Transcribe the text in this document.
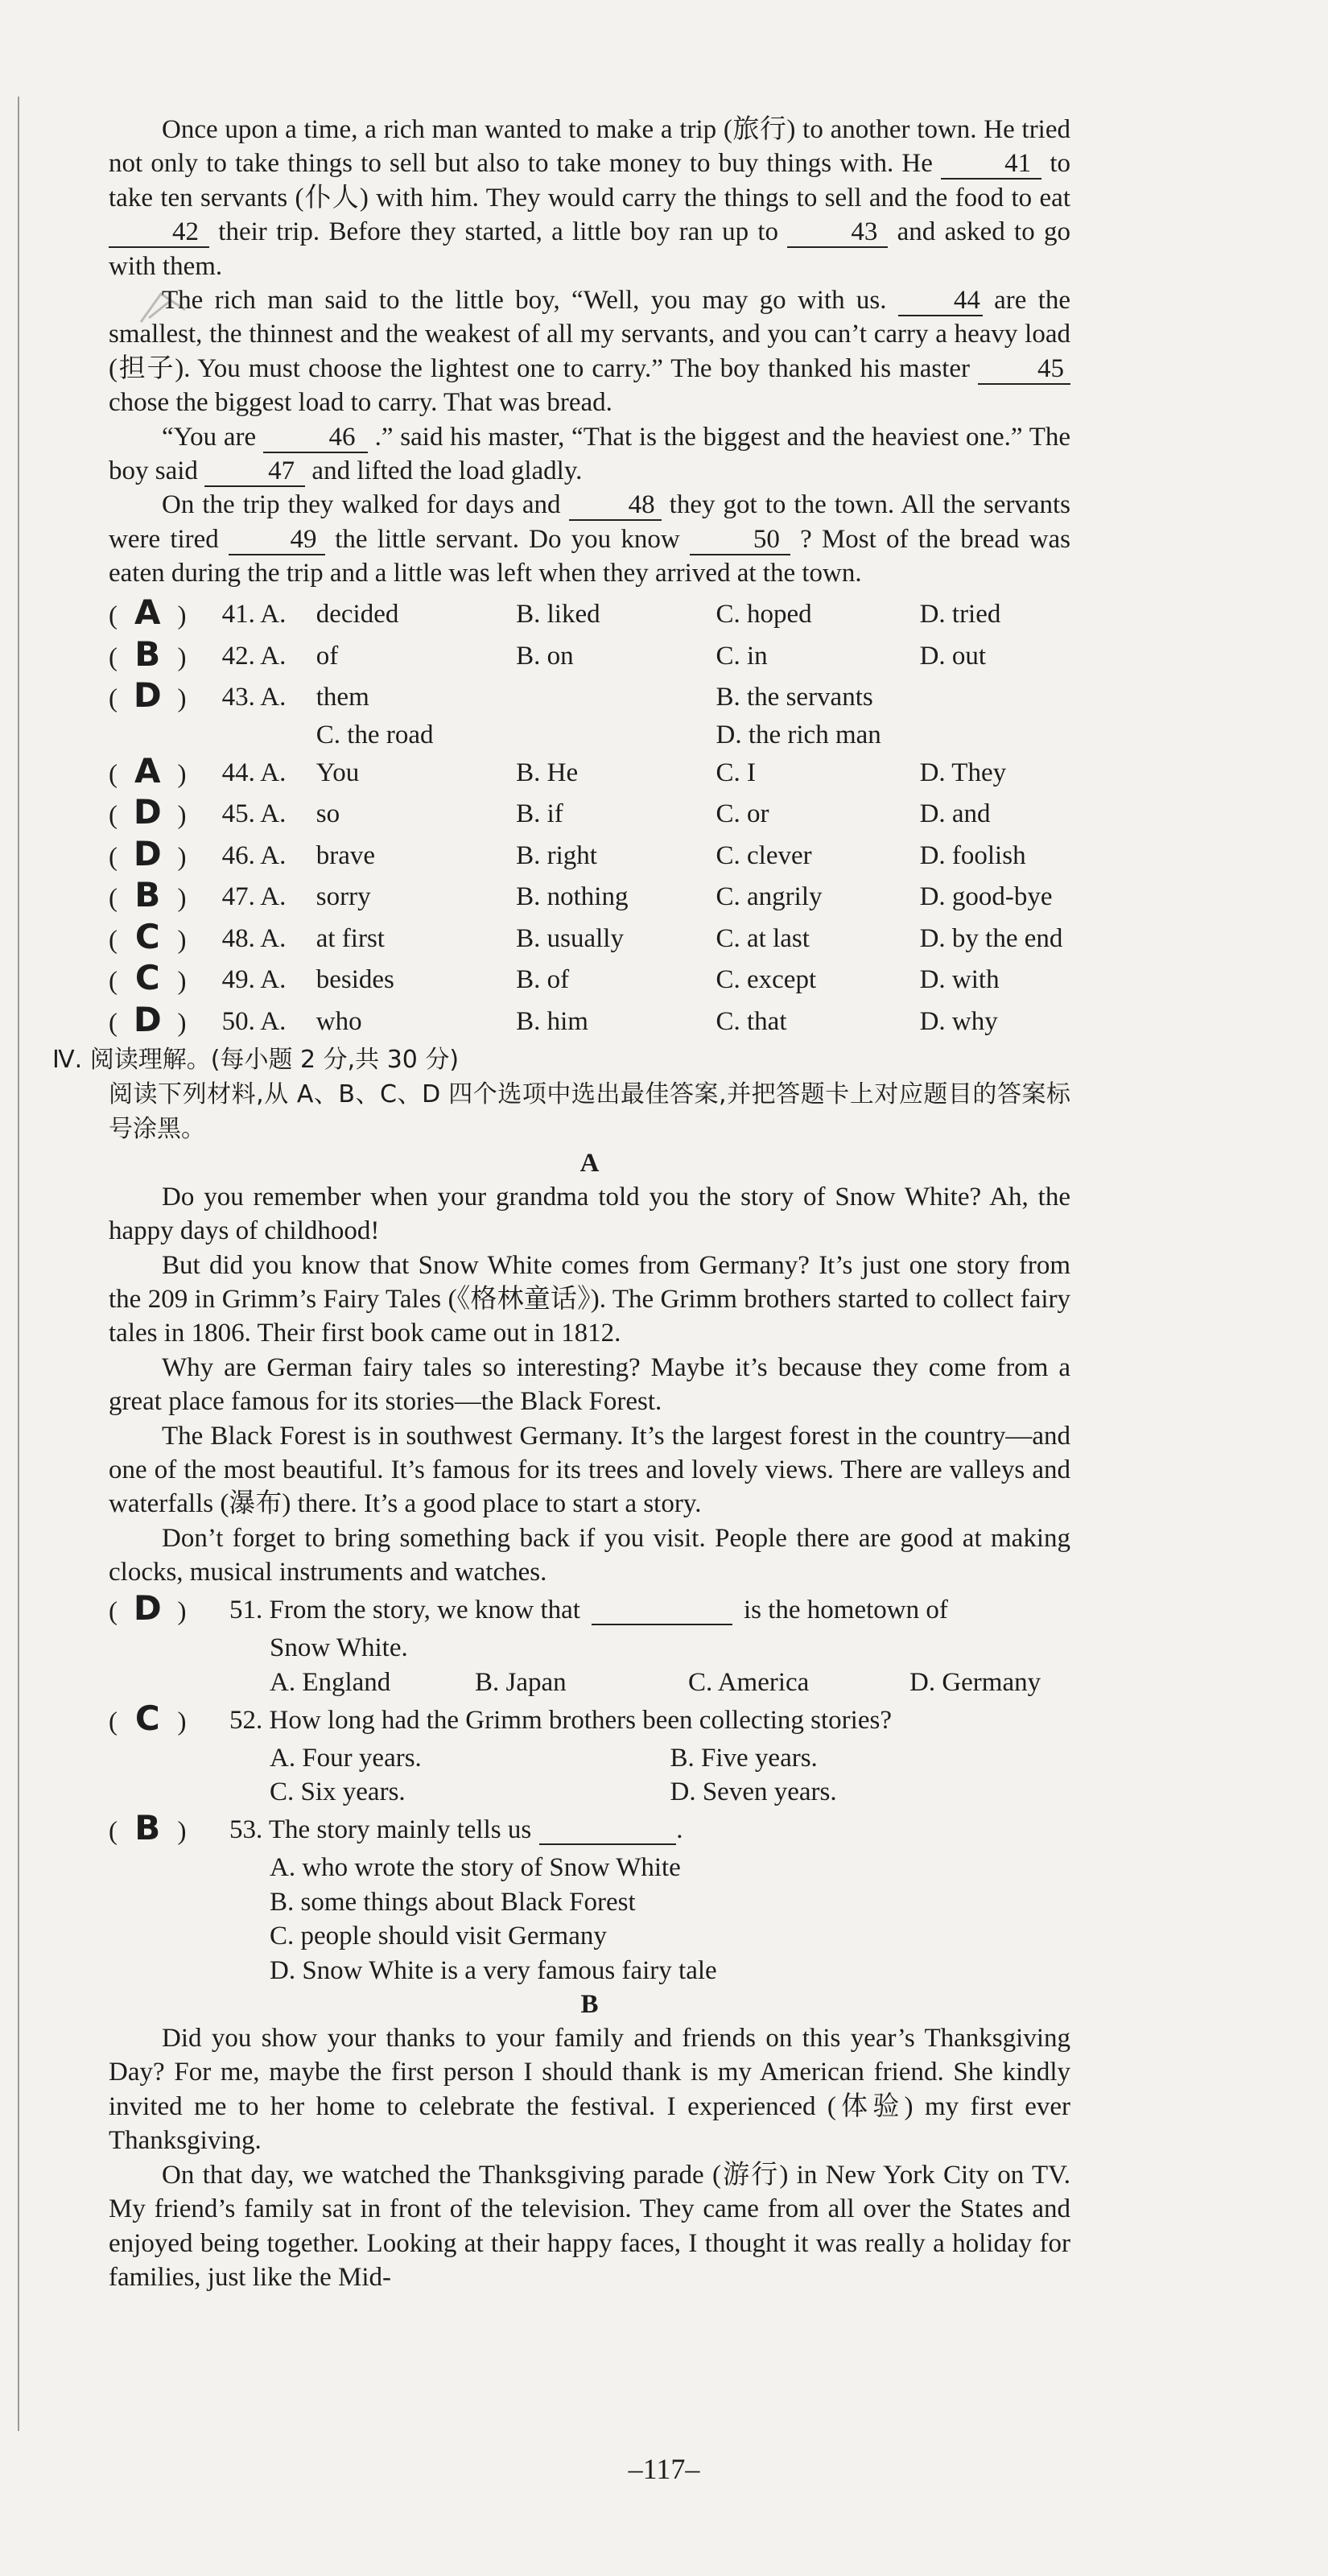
Once upon a time, a rich man wanted to make a trip (旅行) to another town. He tried not only to take things to sell but also to take money to buy things with. He	41 to take ten servants (仆人) with him. They would carry the things to sell and the food to eat 42 their trip. Before they started, a little boy ran up to	43 and asked to go with them.

The rich man said to the little boy, “Well, you may go with us.	44 are the smallest, the thinnest and the weakest of all my servants, and you can’t carry a heavy load (担子). You must choose the lightest one to carry.” The boy thanked his master	45 chose the biggest load to carry. That was bread.

“You are	46 .” said his master, “That is the biggest and the heaviest one.” The boy said	47 and lifted the load gladly.

On the trip they walked for days and	48 they got to the town. All the servants were tired	49 the little servant. Do you know	50 ? Most of the bread was eaten during the trip and a little was left when they arrived at the town.

( A )	41. A.	decided	B. liked	C. hoped	D. tried
( B )	42. A.	of	B. on	C. in	D. out
( D )	43. A.	them	B. the servants
C. the road	D. the rich man
( A )	44. A.	You	B. He	C. I	D. They
( D )	45. A.	so	B. if	C. or	D. and
( D )	46. A.	brave	B. right	C. clever	D. foolish
( B )	47. A.	sorry	B. nothing	C. angrily	D. good-bye
( C )	48. A.	at first	B. usually	C. at last	D. by the end
( C )	49. A.	besides	B. of	C. except	D. with
( D )	50. A.	who	B. him	C. that	D. why
Ⅳ. 阅读理解。(每小题 2 分,共 30 分)

阅读下列材料,从 A、B、C、D 四个选项中选出最佳答案,并把答题卡上对应题目的答案标号涂黑。

A

Do you remember when your grandma told you the story of Snow White? Ah, the happy days of childhood!

But did you know that Snow White comes from Germany? It’s just one story from the 209 in Grimm’s Fairy Tales (《格林童话》). The Grimm brothers started to collect fairy tales in 1806. Their first book came out in 1812.

Why are German fairy tales so interesting? Maybe it’s because they come from a great place famous for its stories—the Black Forest.

The Black Forest is in southwest Germany. It’s the largest forest in the country—and one of the most beautiful. It’s famous for its trees and lovely views. There are valleys and waterfalls (瀑布) there. It’s a good place to start a story.

Don’t forget to bring something back if you visit. People there are good at making clocks, musical instruments and watches.

( D )	51. From the story, we know that
	is the hometown of
Snow White.
A. England	B. Japan	C. America	D. Germany
( C )	52. How long had the Grimm brothers been collecting stories?
A. Four years.	B. Five years.
C. Six years.	D. Seven years.
( B )	53. The story mainly tells us
	.
A. who wrote the story of Snow White
B. some things about Black Forest
C. people should visit Germany
D. Snow White is a very famous fairy tale
B

Did you show your thanks to your family and friends on this year’s Thanksgiving Day? For me, maybe the first person I should thank is my American friend. She kindly invited me to her home to celebrate the festival. I experienced (体验) my first ever Thanksgiving.

On that day, we watched the Thanksgiving parade (游行) in New York City on TV. My friend’s family sat in front of the television. They came from all over the States and enjoyed being together. Looking at their happy faces, I thought it was really a holiday for families, just like the Mid-

–117–
